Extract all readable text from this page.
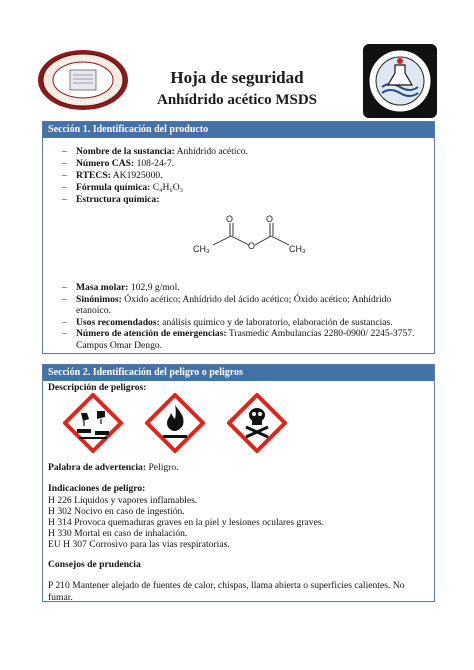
Hoja de seguridad
Anhídrido acético MSDS
Sección 1. Identificación del producto
– Nombre de la sustancia: Anhídrido acético.
– Número CAS: 108-24-7.
– RTECS: AK1925000.
– Fórmula química: C₄H₆O₃
– Estructura química:
O	O
O
CH₃	CH₃
– Masa molar: 102,9 g/mol.
– Sinónimos: Óxido acético; Anhídrido del ácido acético; Óxido acético; Anhídrido etanoico.
– Usos recomendados: análisis químico y de laboratorio, elaboración de sustancias.
– Número de atención de emergencias: Trasmedic Ambulancias 2280-0900/ 2245-3757. Campus Omar Dengo.
Sección 2. Identificación del peligro o peligros
Descripción de peligros:
Palabra de advertencia: Peligro.
Indicaciones de peligro:
H 226 Líquidos y vapores inflamables.
H 302 Nocivo en caso de ingestión.
H 314 Provoca quemaduras graves en la piel y lesiones oculares graves.
H 330 Mortal en caso de inhalación.
EU H 307 Corrosivo para las vías respiratorias.
Consejos de prudencia
P 210 Mantener alejado de fuentes de calor, chispas, llama abierta o superficies calientes. No fumar.
